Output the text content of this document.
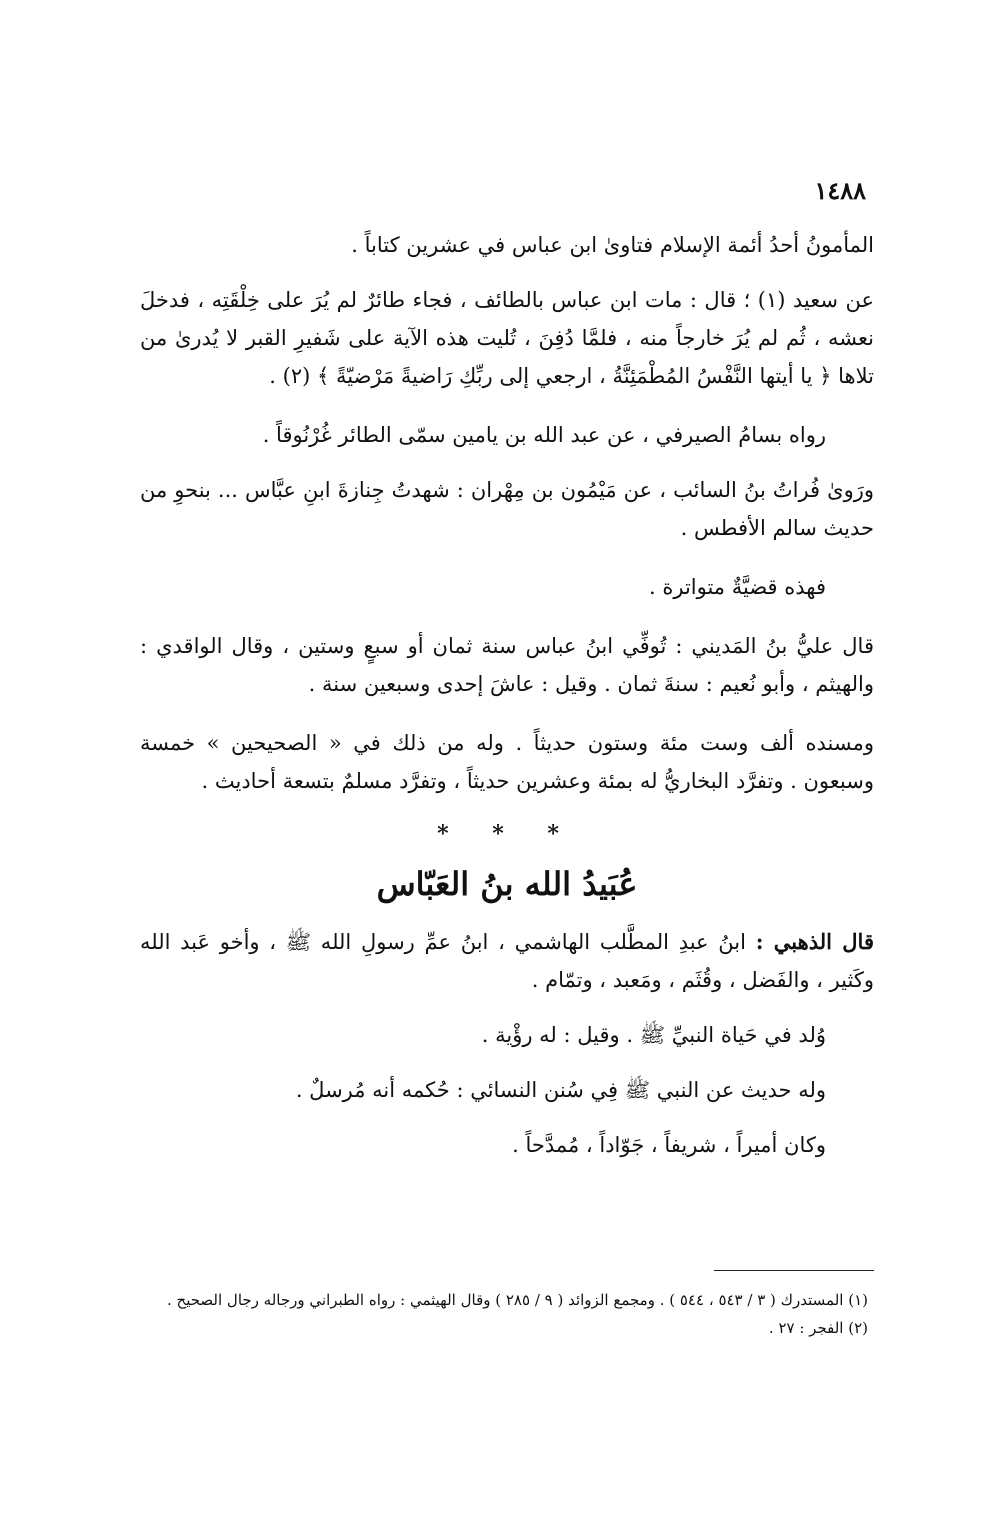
١٤٨٨

المأمونُ أحدُ أئمة الإسلام فتاوىٰ ابن عباس في عشرين كتاباً .

عن سعيد (١) ؛ قال : مات ابن عباس بالطائف ، فجاء طائرٌ لم يُرَ على خِلْقَتِه ، فدخلَ نعشه ، ثُم لم يُرَ خارجاً منه ، فلمَّا دُفِنَ ، تُليت هذه الآية على شَفيرِ القبر لا يُدرىٰ من تلاها ﴿ يا أيتها النَّفْسُ المُطْمَئِنَّةُ ، ارجعي إلى ربِّكِ رَاضيةً مَرْضيّةً ﴾ (٢) .

رواه بسامُ الصيرفي ، عن عبد الله بن يامين سمّى الطائر غُرْنُوقاً .

ورَوىٰ فُراتُ بنُ السائب ، عن مَيْمُون بن مِهْران : شهدتُ جِنازةَ ابنِ عبَّاس ... بنحوِ من حديث سالم الأفطس .

فهذه قضيَّةٌ متواترة .

قال عليُّ بنُ المَديني : تُوفِّي ابنُ عباس سنة ثمان أو سبعٍ وستين ، وقال الواقدي : والهيثم ، وأبو نُعيم : سنةَ ثمان . وقيل : عاشَ إحدى وسبعين سنة .

ومسنده ألف وست مئة وستون حديثاً . وله من ذلك في « الصحيحين » خمسة وسبعون . وتفرَّد البخاريُّ له بمئة وعشرين حديثاً ، وتفرَّد مسلمٌ بتسعة أحاديث .

* * *
عُبَيدُ الله بنُ العَبّاس

قال الذهبي : ابنُ عبدِ المطَّلب الهاشمي ، ابنُ عمِّ رسولِ الله ﷺ ، وأخو عَبد الله وكَثير ، والفَضل ، وقُثَم ، ومَعبد ، وتمّام .

وُلد في حَياة النبيِّ ﷺ . وقيل : له رؤْية .

وله حديث عن النبي ﷺ فِي سُنن النسائي : حُكمه أنه مُرسلٌ .

وكان أميراً ، شريفاً ، جَوّاداً ، مُمدَّحاً .

(١) المستدرك ( ٣ / ٥٤٣ ، ٥٤٤ ) . ومجمع الزوائد ( ٩ / ٢٨٥ ) وقال الهيثمي : رواه الطبراني ورجاله رجال الصحيح .

(٢) الفجر : ٢٧ .
